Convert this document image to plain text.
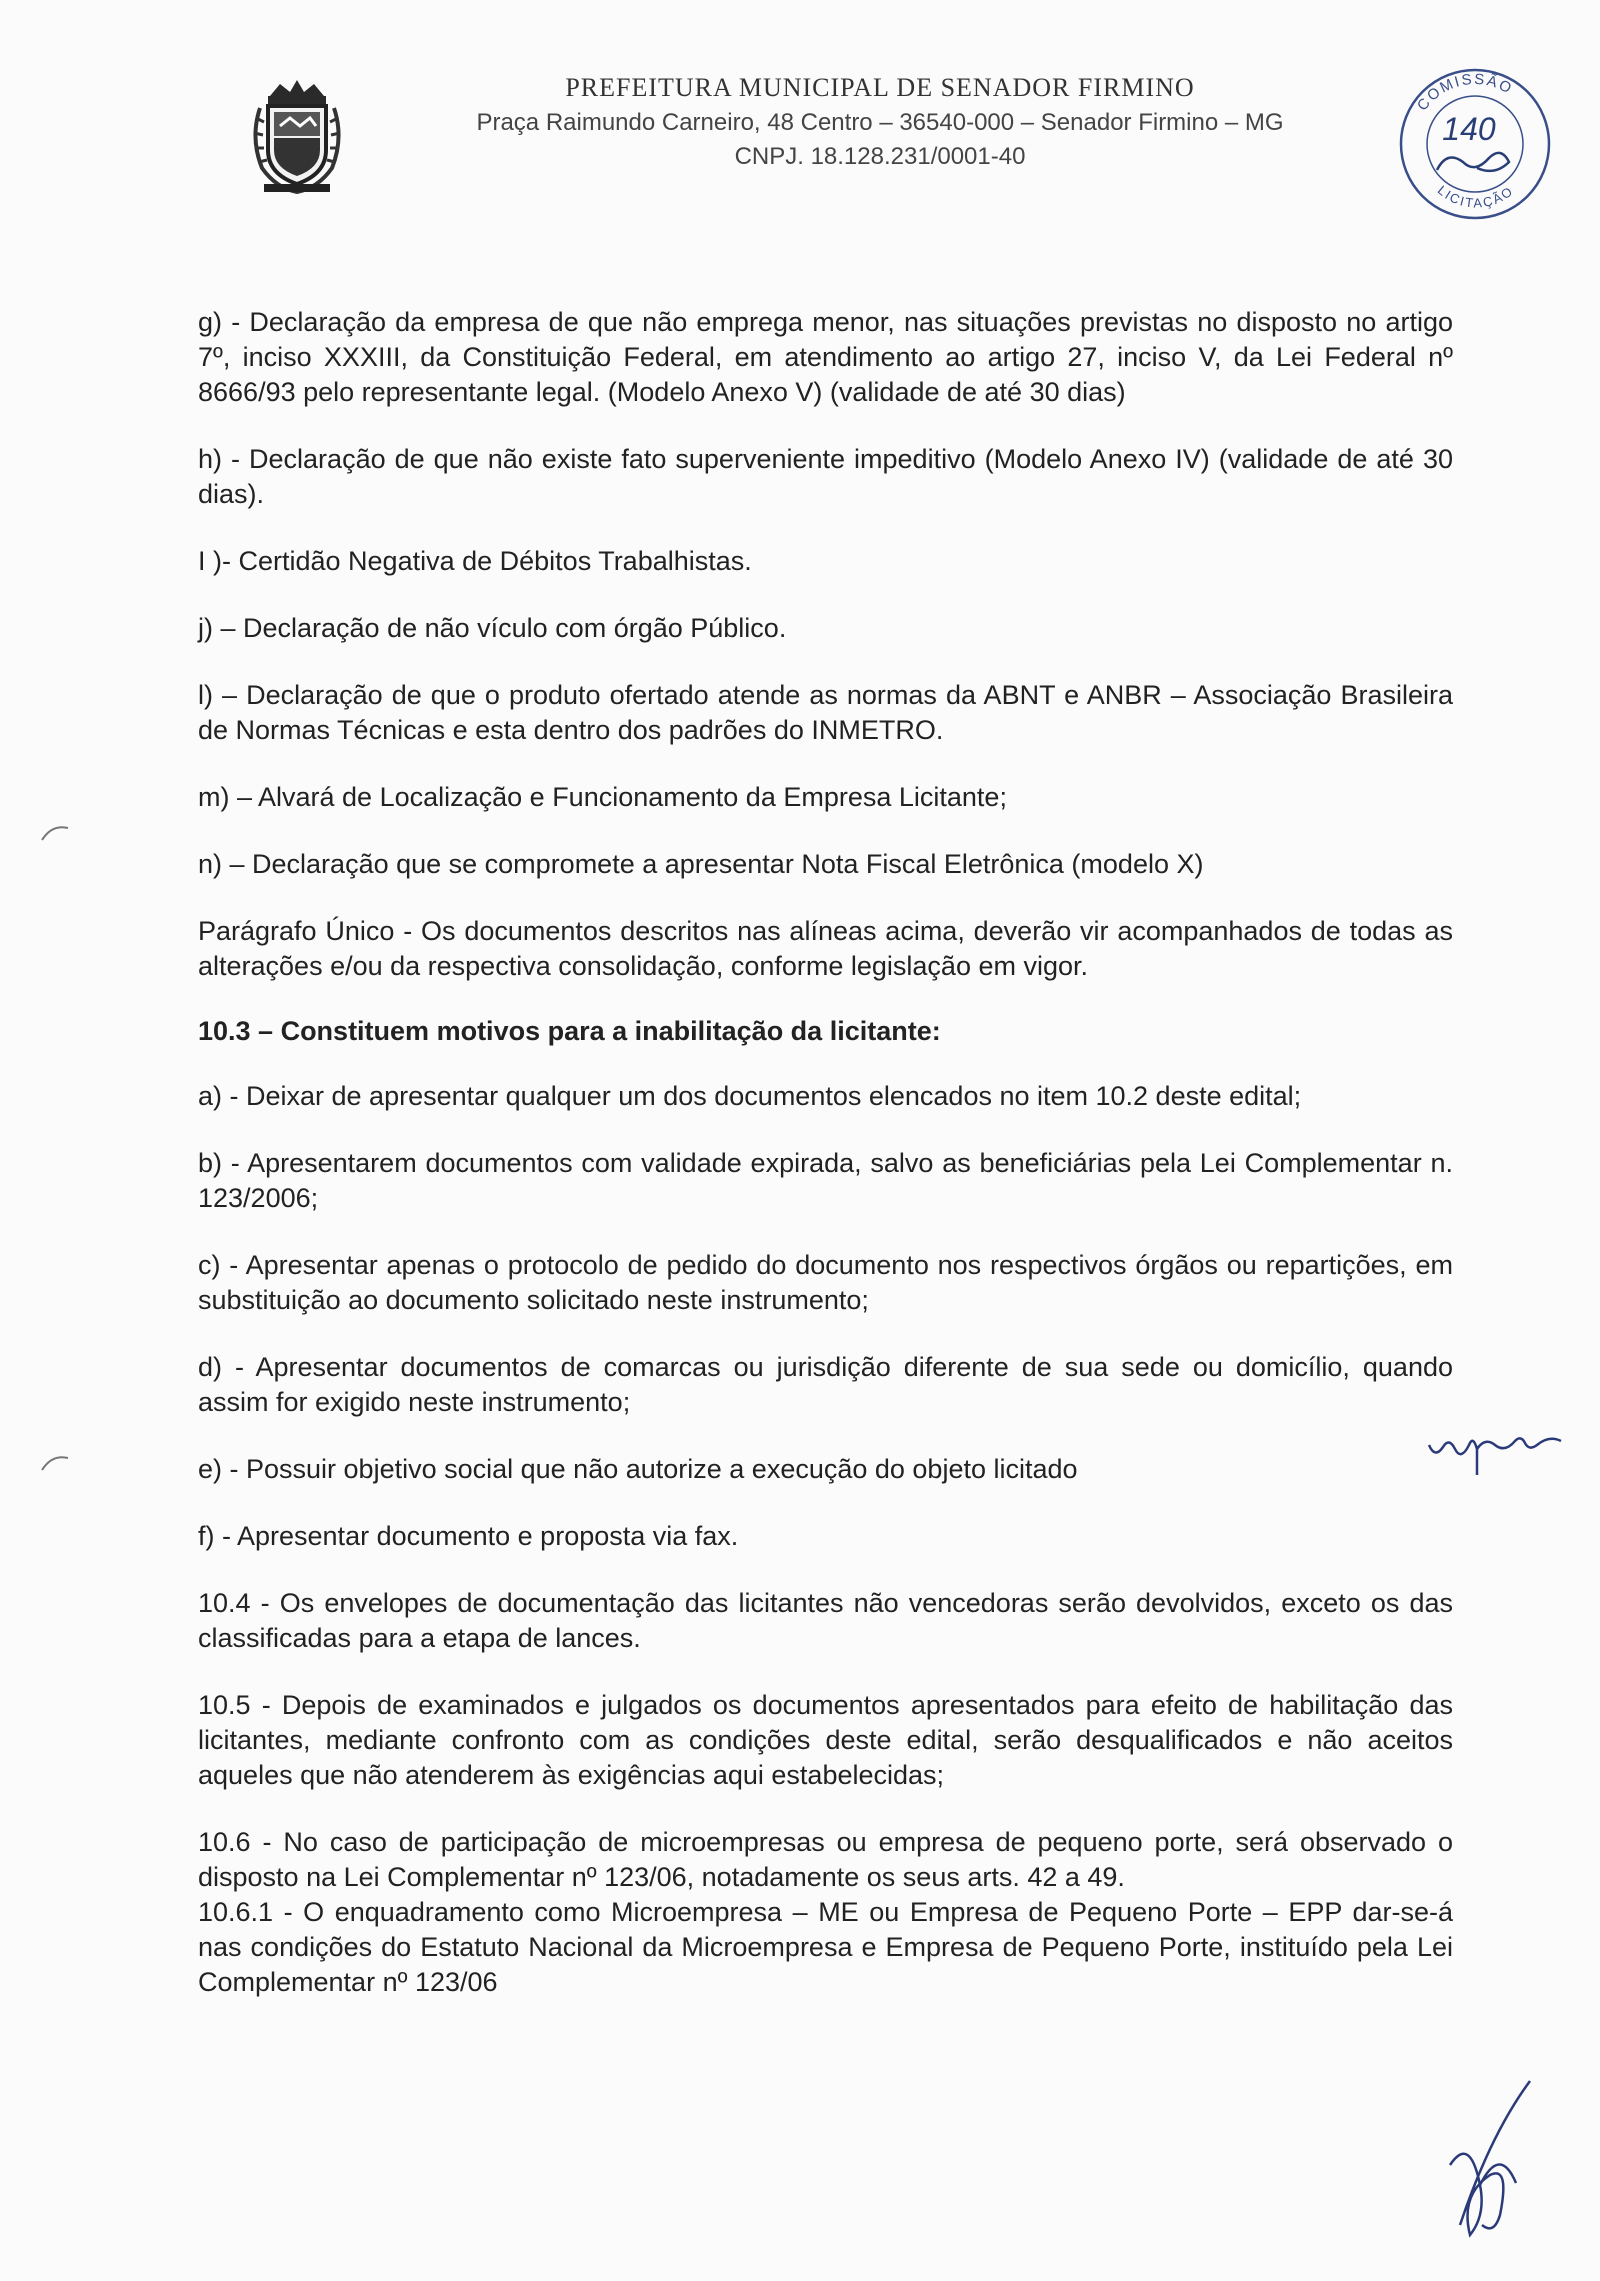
PREFEITURA MUNICIPAL DE SENADOR FIRMINO
Praça Raimundo Carneiro, 48 Centro – 36540-000 – Senador Firmino – MG
CNPJ. 18.128.231/0001-40
COMISSÃO
LICITAÇÃO
140

g) - Declaração da empresa de que não emprega menor, nas situações previstas no disposto no artigo 7º, inciso XXXIII, da Constituição Federal, em atendimento ao artigo 27, inciso V, da Lei Federal nº 8666/93 pelo representante legal. (Modelo Anexo V) (validade de até 30 dias)

h) - Declaração de que não existe fato superveniente impeditivo (Modelo Anexo IV) (validade de até 30 dias).

I )- Certidão Negativa de Débitos Trabalhistas.

j) – Declaração de não vículo com órgão Público.

l) – Declaração de que o produto ofertado atende as normas da ABNT e ANBR – Associação Brasileira de Normas Técnicas e esta dentro dos padrões do INMETRO.

m) – Alvará de Localização e Funcionamento da Empresa Licitante;

n) – Declaração que se compromete a apresentar Nota Fiscal Eletrônica (modelo X)

Parágrafo Único - Os documentos descritos nas alíneas acima, deverão vir acompanhados de todas as alterações e/ou da respectiva consolidação, conforme legislação em vigor.

10.3 – Constituem motivos para a inabilitação da licitante:

a) - Deixar de apresentar qualquer um dos documentos elencados no item 10.2 deste edital;

b) - Apresentarem documentos com validade expirada, salvo as beneficiárias pela Lei Complementar n. 123/2006;

c) - Apresentar apenas o protocolo de pedido do documento nos respectivos órgãos ou repartições, em substituição ao documento solicitado neste instrumento;

d) - Apresentar documentos de comarcas ou jurisdição diferente de sua sede ou domicílio, quando assim for exigido neste instrumento;

e) - Possuir objetivo social que não autorize a execução do objeto licitado

f) - Apresentar documento e proposta via fax.

10.4 - Os envelopes de documentação das licitantes não vencedoras serão devolvidos, exceto os das classificadas para a etapa de lances.

10.5 - Depois de examinados e julgados os documentos apresentados para efeito de habilitação das licitantes, mediante confronto com as condições deste edital, serão desqualificados e não aceitos aqueles que não atenderem às exigências aqui estabelecidas;

10.6 - No caso de participação de microempresas ou empresa de pequeno porte, será observado o disposto na Lei Complementar nº 123/06, notadamente os seus arts. 42 a 49.

10.6.1 - O enquadramento como Microempresa – ME ou Empresa de Pequeno Porte – EPP dar-se-á nas condições do Estatuto Nacional da Microempresa e Empresa de Pequeno Porte, instituído pela Lei Complementar nº 123/06
